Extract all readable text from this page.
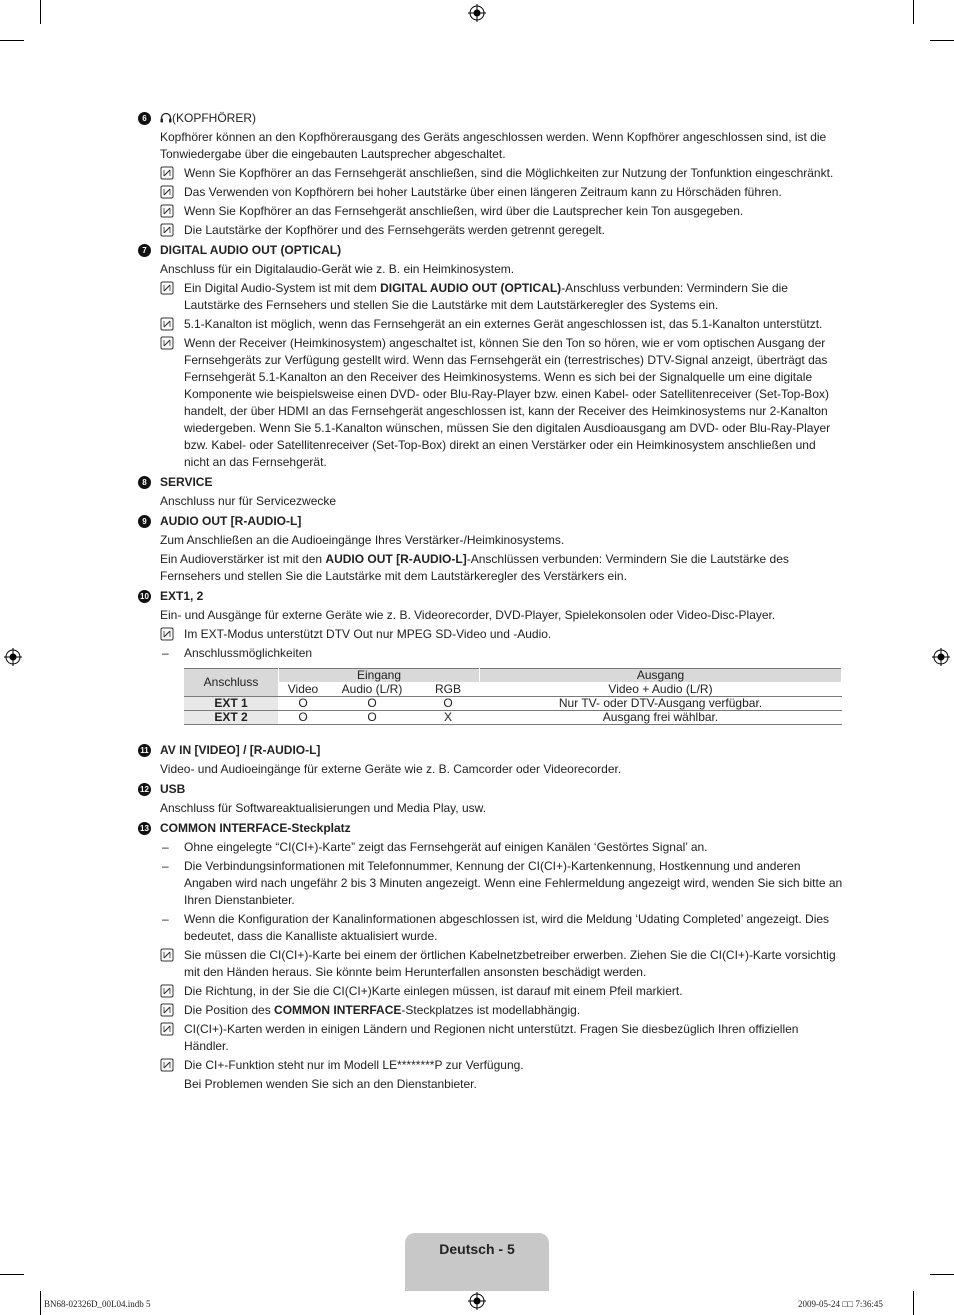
6	(KOPFHÖRER)

Kopfhörer können an den Kopfhörerausgang des Geräts angeschlossen werden. Wenn Kopfhörer angeschlossen sind, ist die Tonwiedergabe über die eingebauten Lautsprecher abgeschaltet.

Wenn Sie Kopfhörer an das Fernsehgerät anschließen, sind die Möglichkeiten zur Nutzung der Tonfunktion eingeschränkt.
Das Verwenden von Kopfhörern bei hoher Lautstärke über einen längeren Zeitraum kann zu Hörschäden führen.
Wenn Sie Kopfhörer an das Fernsehgerät anschließen, wird über die Lautsprecher kein Ton ausgegeben.
Die Lautstärke der Kopfhörer und des Fernsehgeräts werden getrennt geregelt.
7	DIGITAL AUDIO OUT (OPTICAL)

Anschluss für ein Digitalaudio-Gerät wie z. B. ein Heimkinosystem.

Ein Digital Audio-System ist mit dem DIGITAL AUDIO OUT (OPTICAL)-Anschluss verbunden: Vermindern Sie die Lautstärke des Fernsehers und stellen Sie die Lautstärke mit dem Lautstärkeregler des Systems ein.
5.1-Kanalton ist möglich, wenn das Fernsehgerät an ein externes Gerät angeschlossen ist, das 5.1-Kanalton unterstützt.
Wenn der Receiver (Heimkinosystem) angeschaltet ist, können Sie den Ton so hören, wie er vom optischen Ausgang der Fernsehgeräts zur Verfügung gestellt wird. Wenn das Fernsehgerät ein (terrestrisches) DTV-Signal anzeigt, überträgt das Fernsehgerät 5.1-Kanalton an den Receiver des Heimkinosystems. Wenn es sich bei der Signalquelle um eine digitale Komponente wie beispielsweise einen DVD- oder Blu-Ray-Player bzw. einen Kabel- oder Satellitenreceiver (Set-Top-Box) handelt, der über HDMI an das Fernsehgerät angeschlossen ist, kann der Receiver des Heimkinosystems nur 2-Kanalton wiedergeben. Wenn Sie 5.1-Kanalton wünschen, müssen Sie den digitalen Ausdioausgang am DVD- oder Blu-Ray-Player bzw. Kabel- oder Satellitenreceiver (Set-Top-Box) direkt an einen Verstärker oder ein Heimkinosystem anschließen und nicht an das Fernsehgerät.
8	SERVICE

Anschluss nur für Servicezwecke

9	AUDIO OUT [R-AUDIO-L]

Zum Anschließen an die Audioeingänge Ihres Verstärker-/Heimkinosystems.

Ein Audioverstärker ist mit den AUDIO OUT [R-AUDIO-L]-Anschlüssen verbunden: Vermindern Sie die Lautstärke des Fernsehers und stellen Sie die Lautstärke mit dem Lautstärkeregler des Verstärkers ein.

10 EXT1, 2

Ein- und Ausgänge für externe Geräte wie z. B. Videorecorder, DVD-Player, Spielekonsolen oder Video-Disc-Player.

Im EXT-Modus unterstützt DTV Out nur MPEG SD-Video und -Audio.
– Anschlussmöglichkeiten
Anschluss	Eingang			Ausgang
	Video	Audio (L/R)	RGB	Video + Audio (L/R)
EXT 1	O	O	O	Nur TV- oder DTV-Ausgang verfügbar.
EXT 2	O	O	X	Ausgang frei wählbar.
11 AV IN [VIDEO] / [R-AUDIO-L]

Video- und Audioeingänge für externe Geräte wie z. B. Camcorder oder Videorecorder.

12 USB

Anschluss für Softwareaktualisierungen und Media Play, usw.

13 COMMON INTERFACE-Steckplatz
– Ohne eingelegte “CI(CI+)-Karte” zeigt das Fernsehgerät auf einigen Kanälen ‘Gestörtes Signal’ an.
– Die Verbindungsinformationen mit Telefonnummer, Kennung der CI(CI+)-Kartenkennung, Hostkennung und anderen Angaben wird nach ungefähr 2 bis 3 Minuten angezeigt. Wenn eine Fehlermeldung angezeigt wird, wenden Sie sich bitte an Ihren Dienstanbieter.
– Wenn die Konfiguration der Kanalinformationen abgeschlossen ist, wird die Meldung ‘Udating Completed’ angezeigt. Dies bedeutet, dass die Kanalliste aktualisiert wurde.
Sie müssen die CI(CI+)-Karte bei einem der örtlichen Kabelnetzbetreiber erwerben. Ziehen Sie die CI(CI+)-Karte vorsichtig mit den Händen heraus. Sie könnte beim Herunterfallen ansonsten beschädigt werden.
Die Richtung, in der Sie die CI(CI+)Karte einlegen müssen, ist darauf mit einem Pfeil markiert.
Die Position des COMMON INTERFACE-Steckplatzes ist modellabhängig.
CI(CI+)-Karten werden in einigen Ländern und Regionen nicht unterstützt. Fragen Sie diesbezüglich Ihren offiziellen Händler.
Die CI+-Funktion steht nur im Modell LE********P zur Verfügung.

Bei Problemen wenden Sie sich an den Dienstanbieter.

Deutsch - 5
BN68-02326D_00L04.indb 5	2009-05-24 □□ 7:36:45
